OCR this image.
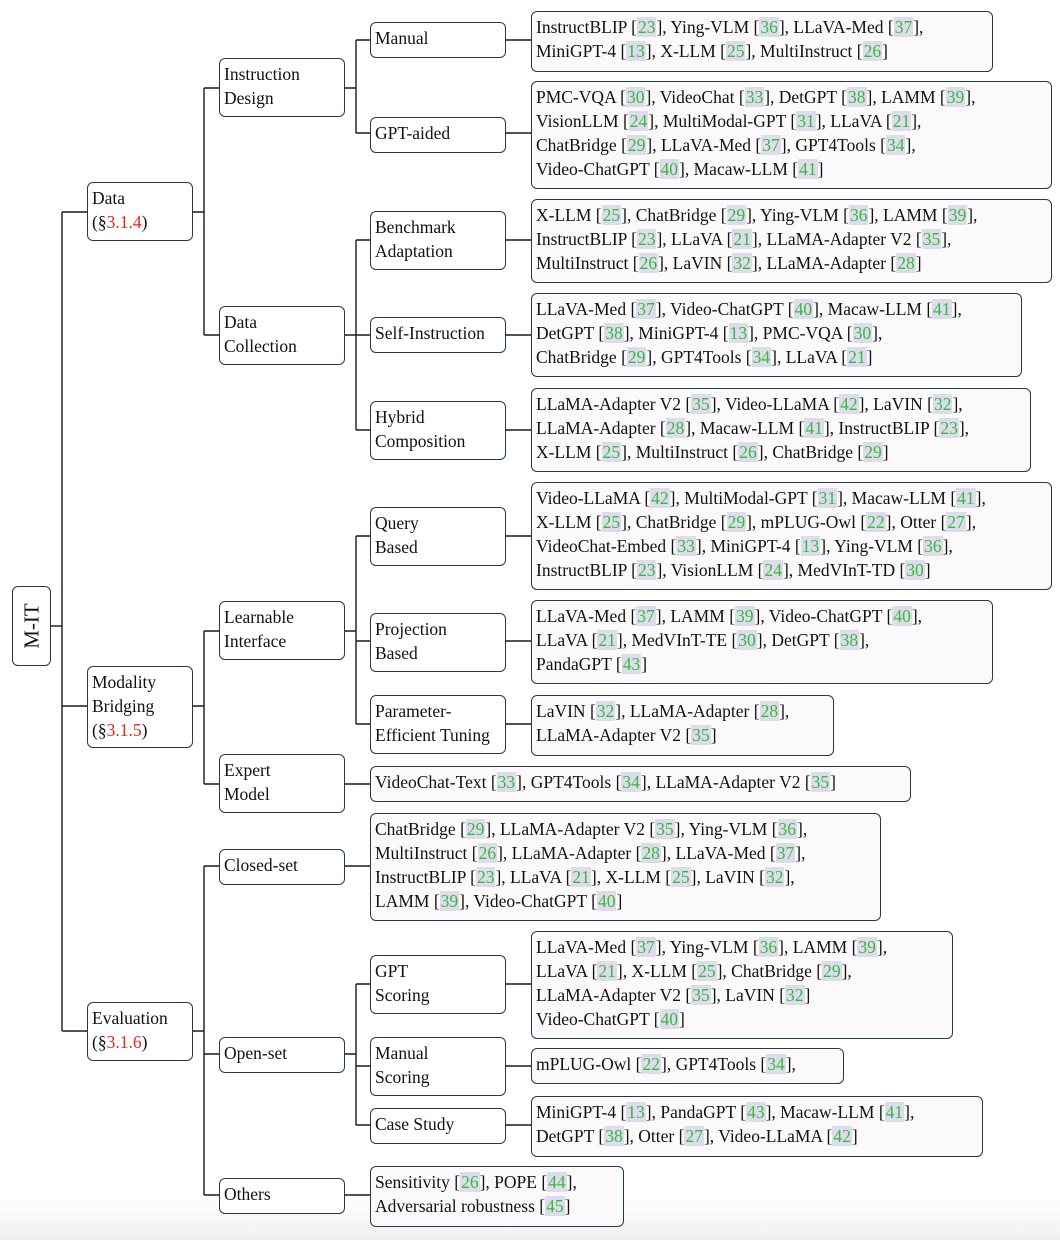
M-IT
Data
(§3.1.4)
Modality
Bridging
(§3.1.5)
Evaluation
(§3.1.6)
Instruction
Design
Data
Collection
Learnable
Interface
Expert
Model
Closed-set
Open-set
Others
Manual
GPT-aided
Benchmark
Adaptation
Self-Instruction
Hybrid
Composition
Query
Based
Projection
Based
Parameter-
Efficient Tuning
GPT
Scoring
Manual
Scoring
Case Study
InstructBLIP [23], Ying-VLM [36], LLaVA-Med [37],
MiniGPT-4 [13], X-LLM [25], MultiInstruct [26]
PMC-VQA [30], VideoChat [33], DetGPT [38], LAMM [39],
VisionLLM [24], MultiModal-GPT [31], LLaVA [21],
ChatBridge [29], LLaVA-Med [37], GPT4Tools [34],
Video-ChatGPT [40], Macaw-LLM [41]
X-LLM [25], ChatBridge [29], Ying-VLM [36], LAMM [39],
InstructBLIP [23], LLaVA [21], LLaMA-Adapter V2 [35],
MultiInstruct [26], LaVIN [32], LLaMA-Adapter [28]
LLaVA-Med [37], Video-ChatGPT [40], Macaw-LLM [41],
DetGPT [38], MiniGPT-4 [13], PMC-VQA [30],
ChatBridge [29], GPT4Tools [34], LLaVA [21]
LLaMA-Adapter V2 [35], Video-LLaMA [42], LaVIN [32],
LLaMA-Adapter [28], Macaw-LLM [41], InstructBLIP [23],
X-LLM [25], MultiInstruct [26], ChatBridge [29]
Video-LLaMA [42], MultiModal-GPT [31], Macaw-LLM [41],
X-LLM [25], ChatBridge [29], mPLUG-Owl [22], Otter [27],
VideoChat-Embed [33], MiniGPT-4 [13], Ying-VLM [36],
InstructBLIP [23], VisionLLM [24], MedVInT-TD [30]
LLaVA-Med [37], LAMM [39], Video-ChatGPT [40],
LLaVA [21], MedVInT-TE [30], DetGPT [38],
PandaGPT [43]
LaVIN [32], LLaMA-Adapter [28],
LLaMA-Adapter V2 [35]
VideoChat-Text [33], GPT4Tools [34], LLaMA-Adapter V2 [35]
ChatBridge [29], LLaMA-Adapter V2 [35], Ying-VLM [36],
MultiInstruct [26], LLaMA-Adapter [28], LLaVA-Med [37],
InstructBLIP [23], LLaVA [21], X-LLM [25], LaVIN [32],
LAMM [39], Video-ChatGPT [40]
LLaVA-Med [37], Ying-VLM [36], LAMM [39],
LLaVA [21], X-LLM [25], ChatBridge [29],
LLaMA-Adapter V2 [35], LaVIN [32]
Video-ChatGPT [40]
mPLUG-Owl [22], GPT4Tools [34],
MiniGPT-4 [13], PandaGPT [43], Macaw-LLM [41],
DetGPT [38], Otter [27], Video-LLaMA [42]
Sensitivity [26], POPE [44],
Adversarial robustness [45]
